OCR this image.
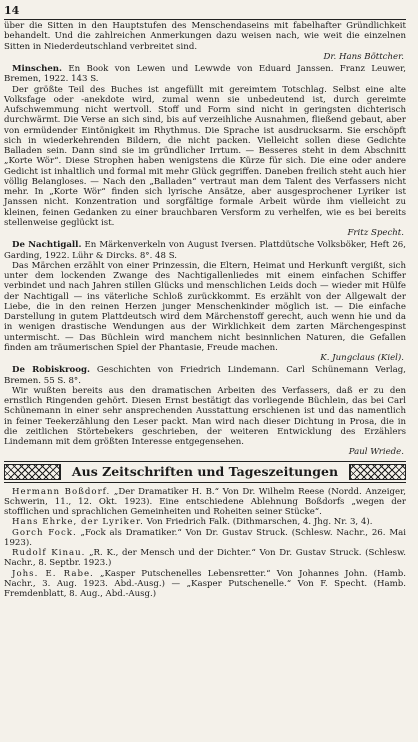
14

über die Sitten in den Hauptstufen des Menschendaseins mit fabelhafter Gründlichkeit behandelt. Und die zahlreichen Anmerkungen dazu weisen nach, wie weit die einzelnen Sitten in Niederdeutschland verbreitet sind.

Dr. Hans Böttcher.

Minschen. En Book von Lewen und Lewwde von Eduard Janssen. Franz Leuwer, Bremen, 1922. 143 S.

Der größte Teil des Buches ist angefüllt mit gereimtem Totschlag. Selbst eine alte Volksfage oder -anekdote wird, zumal wenn sie unbedeutend ist, durch gereimte Aufschwemmung nicht wertvoll. Stoff und Form sind nicht in geringsten dichterisch durchwärmt. Die Verse an sich sind, bis auf verzeihliche Ausnahmen, fließend gebaut, aber von ermüdender Eintönigkeit im Rhythmus. Die Sprache ist ausdrucksarm. Sie erschöpft sich in wiederkehrenden Bildern, die nicht packen. Vielleicht sollen diese Gedichte Balladen sein. Dann sind sie im gründlicher Irrtum. — Besseres steht in dem Abschnitt „Korte Wör“. Diese Strophen haben wenigstens die Kürze für sich. Die eine oder andere Gedicht ist inhaltlich und formal mit mehr Glück gegriffen. Daneben freilich steht auch hier völlig Belangloses. — Nach den „Balladen“ vertraut man dem Talent des Verfassers nicht mehr. In „Korte Wör“ finden sich lyrische Ansätze, aber ausgesprochener Lyriker ist Janssen nicht. Konzentration und sorgfältige formale Arbeit würde ihm vielleicht zu kleinen, feinen Gedanken zu einer brauchbaren Versform zu verhelfen, wie es bei bereits stellenweise geglückt ist.

Fritz Specht.

De Nachtigall. En Märkenverkeln von August Iversen. Plattdütsche Volksböker, Heft 26, Garding, 1922. Lühr & Dircks. 8°. 48 S.

Das Märchen erzählt von einer Prinzessin, die Eltern, Heimat und Herkunft vergißt, sich unter dem lockenden Zwange des Nachtigallenliedes mit einem einfachen Schiffer verbindet und nach Jahren stillen Glücks und menschlichen Leids doch — wieder mit Hülfe der Nachtigall — ins väterliche Schloß zurückkommt. Es erzählt von der Allgewalt der Liebe, die in den reinen Herzen junger Menschenkinder möglich ist. — Die einfache Darstellung in gutem Plattdeutsch wird dem Märchenstoff gerecht, auch wenn hie und da in wenigen drastische Wendungen aus der Wirklichkeit dem zarten Märchengespinst untermischt. — Das Büchlein wird manchem nicht besinnlichen Naturen, die Gefallen finden am träumerischen Spiel der Phantasie, Freude machen.

K. Jungclaus (Kiel).

De Robiskroog. Geschichten von Friedrich Lindemann. Carl Schünemann Verlag, Bremen. 55 S. 8°.

Wir wußten bereits aus den dramatischen Arbeiten des Verfassers, daß er zu den ernstlich Ringenden gehört. Diesen Ernst bestätigt das vorliegende Büchlein, das bei Carl Schünemann in einer sehr ansprechenden Ausstattung erschienen ist und das namentlich in feiner Teekerzählung den Leser packt. Man wird nach dieser Dichtung in Prosa, die in die zeitlichen Störtebekers geschrieben, der weiteren Entwicklung des Erzählers Lindemann mit dem größten Interesse entgegensehen.

Paul Wriede.
Aus Zeitschriften und Tageszeitungen

Hermann Boßdorf. „Der Dramatiker H. B.“ Von Dr. Wilhelm Reese (Nordd. Anzeiger, Schwerin, 11., 12. Okt. 1923). Eine entschiedene Ablehnung Boßdorfs „wegen der stofflichen und sprachlichen Gemeinheiten und Roheiten seiner Stücke“.

Hans Ehrke, der Lyriker. Von Friedrich Falk. (Dithmarschen, 4. Jhg. Nr. 3, 4).

Gorch Fock. „Fock als Dramatiker.“ Von Dr. Gustav Struck. (Schlesw. Nachr., 26. Mai 1923).

Rudolf Kinau. „R. K., der Mensch und der Dichter.“ Von Dr. Gustav Struck. (Schlesw. Nachr., 8. Septbr. 1923.)

Johs. E. Rabe. „Kasper Putschenelles Lebensretter.“ Von Johannes John. (Hamb. Nachr., 3. Aug. 1923. Abd.-Ausg.) — „Kasper Putschenelle.“ Von F. Specht. (Hamb. Fremdenblatt, 8. Aug., Abd.-Ausg.)
